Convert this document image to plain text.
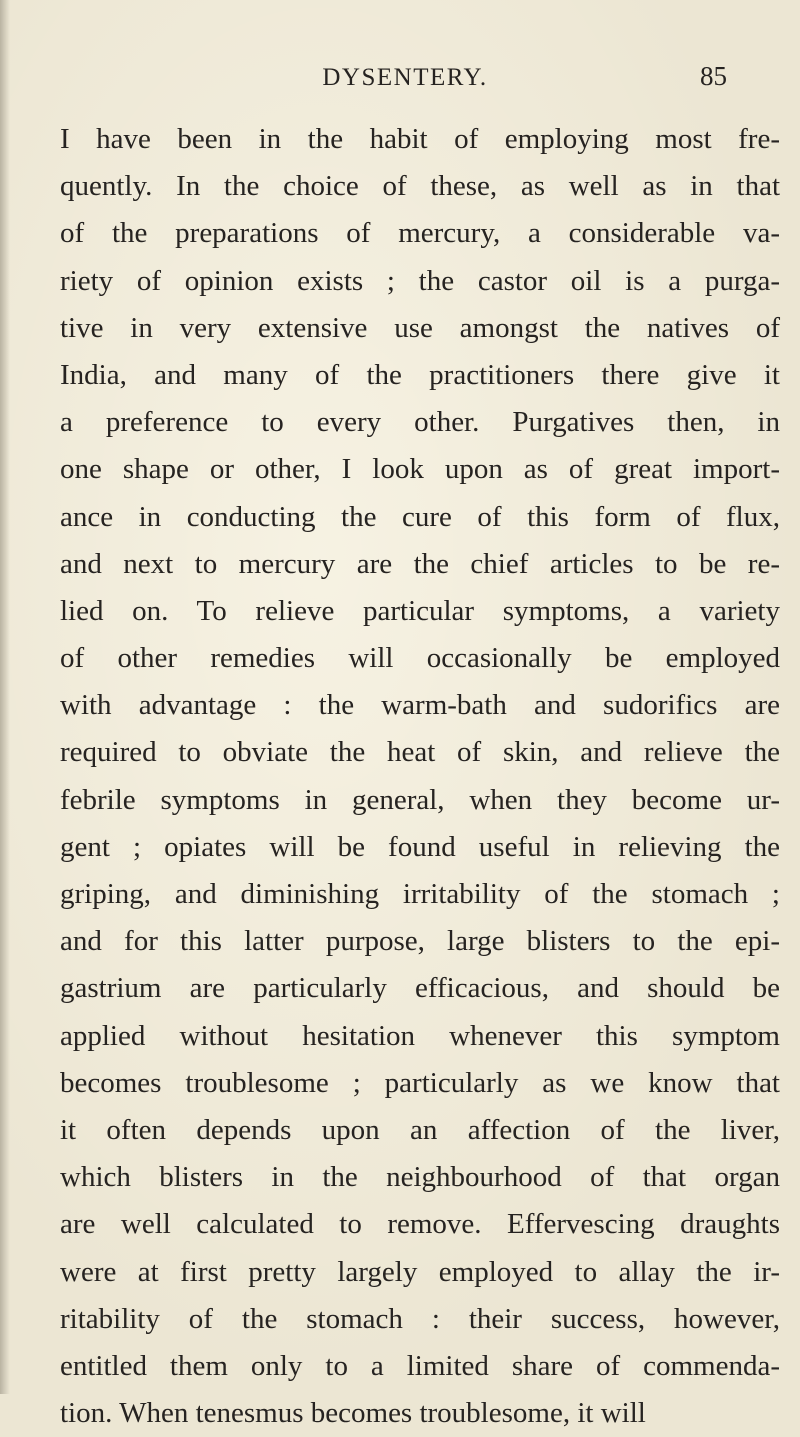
DYSENTERY.	85
I have been in the habit of employing most fre-
quently. In the choice of these, as well as in that
of the preparations of mercury, a considerable va-
riety of opinion exists ; the castor oil is a purga-
tive in very extensive use amongst the natives of
India, and many of the practitioners there give it
a preference to every other. Purgatives then, in
one shape or other, I look upon as of great import-
ance in conducting the cure of this form of flux,
and next to mercury are the chief articles to be re-
lied on. To relieve particular symptoms, a variety
of other remedies will occasionally be employed
with advantage : the warm-bath and sudorifics are
required to obviate the heat of skin, and relieve the
febrile symptoms in general, when they become ur-
gent ; opiates will be found useful in relieving the
griping, and diminishing irritability of the stomach ;
and for this latter purpose, large blisters to the epi-
gastrium are particularly efficacious, and should be
applied without hesitation whenever this symptom
becomes troublesome ; particularly as we know that
it often depends upon an affection of the liver,
which blisters in the neighbourhood of that organ
are well calculated to remove. Effervescing draughts
were at first pretty largely employed to allay the ir-
ritability of the stomach : their success, however,
entitled them only to a limited share of commenda-
tion. When tenesmus becomes troublesome, it will
